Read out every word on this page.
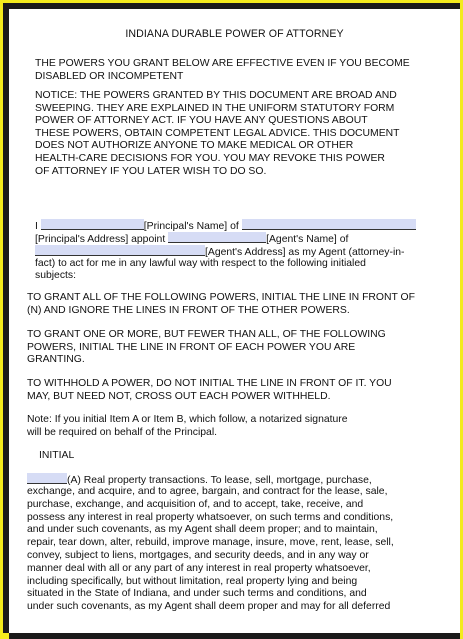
INDIANA DURABLE POWER OF ATTORNEY
THE POWERS YOU GRANT BELOW ARE EFFECTIVE EVEN IF YOU BECOME
DISABLED OR INCOMPETENT
NOTICE: THE POWERS GRANTED BY THIS DOCUMENT ARE BROAD AND
SWEEPING. THEY ARE EXPLAINED IN THE UNIFORM STATUTORY FORM
POWER OF ATTORNEY ACT. IF YOU HAVE ANY QUESTIONS ABOUT
THESE POWERS, OBTAIN COMPETENT LEGAL ADVICE. THIS DOCUMENT
DOES NOT AUTHORIZE ANYONE TO MAKE MEDICAL OR OTHER
HEALTH-CARE DECISIONS FOR YOU. YOU MAY REVOKE THIS POWER
OF ATTORNEY IF YOU LATER WISH TO DO SO.
I	[Principal's Name] of
[Principal's Address] appoint	[Agent's Name] of
[Agent's Address] as my Agent (attorney-in-
fact) to act for me in any lawful way with respect to the following initialed
subjects:
TO GRANT ALL OF THE FOLLOWING POWERS, INITIAL THE LINE IN FRONT OF
(N) AND IGNORE THE LINES IN FRONT OF THE OTHER POWERS.
TO GRANT ONE OR MORE, BUT FEWER THAN ALL, OF THE FOLLOWING
POWERS, INITIAL THE LINE IN FRONT OF EACH POWER YOU ARE
GRANTING.
TO WITHHOLD A POWER, DO NOT INITIAL THE LINE IN FRONT OF IT. YOU
MAY, BUT NEED NOT, CROSS OUT EACH POWER WITHHELD.
Note: If you initial Item A or Item B, which follow, a notarized signature
will be required on behalf of the Principal.
INITIAL
(A) Real property transactions. To lease, sell, mortgage, purchase,
exchange, and acquire, and to agree, bargain, and contract for the lease, sale,
purchase, exchange, and acquisition of, and to accept, take, receive, and
possess any interest in real property whatsoever, on such terms and conditions,
and under such covenants, as my Agent shall deem proper; and to maintain,
repair, tear down, alter, rebuild, improve manage, insure, move, rent, lease, sell,
convey, subject to liens, mortgages, and security deeds, and in any way or
manner deal with all or any part of any interest in real property whatsoever,
including specifically, but without limitation, real property lying and being
situated in the State of Indiana, and under such terms and conditions, and
under such covenants, as my Agent shall deem proper and may for all deferred
